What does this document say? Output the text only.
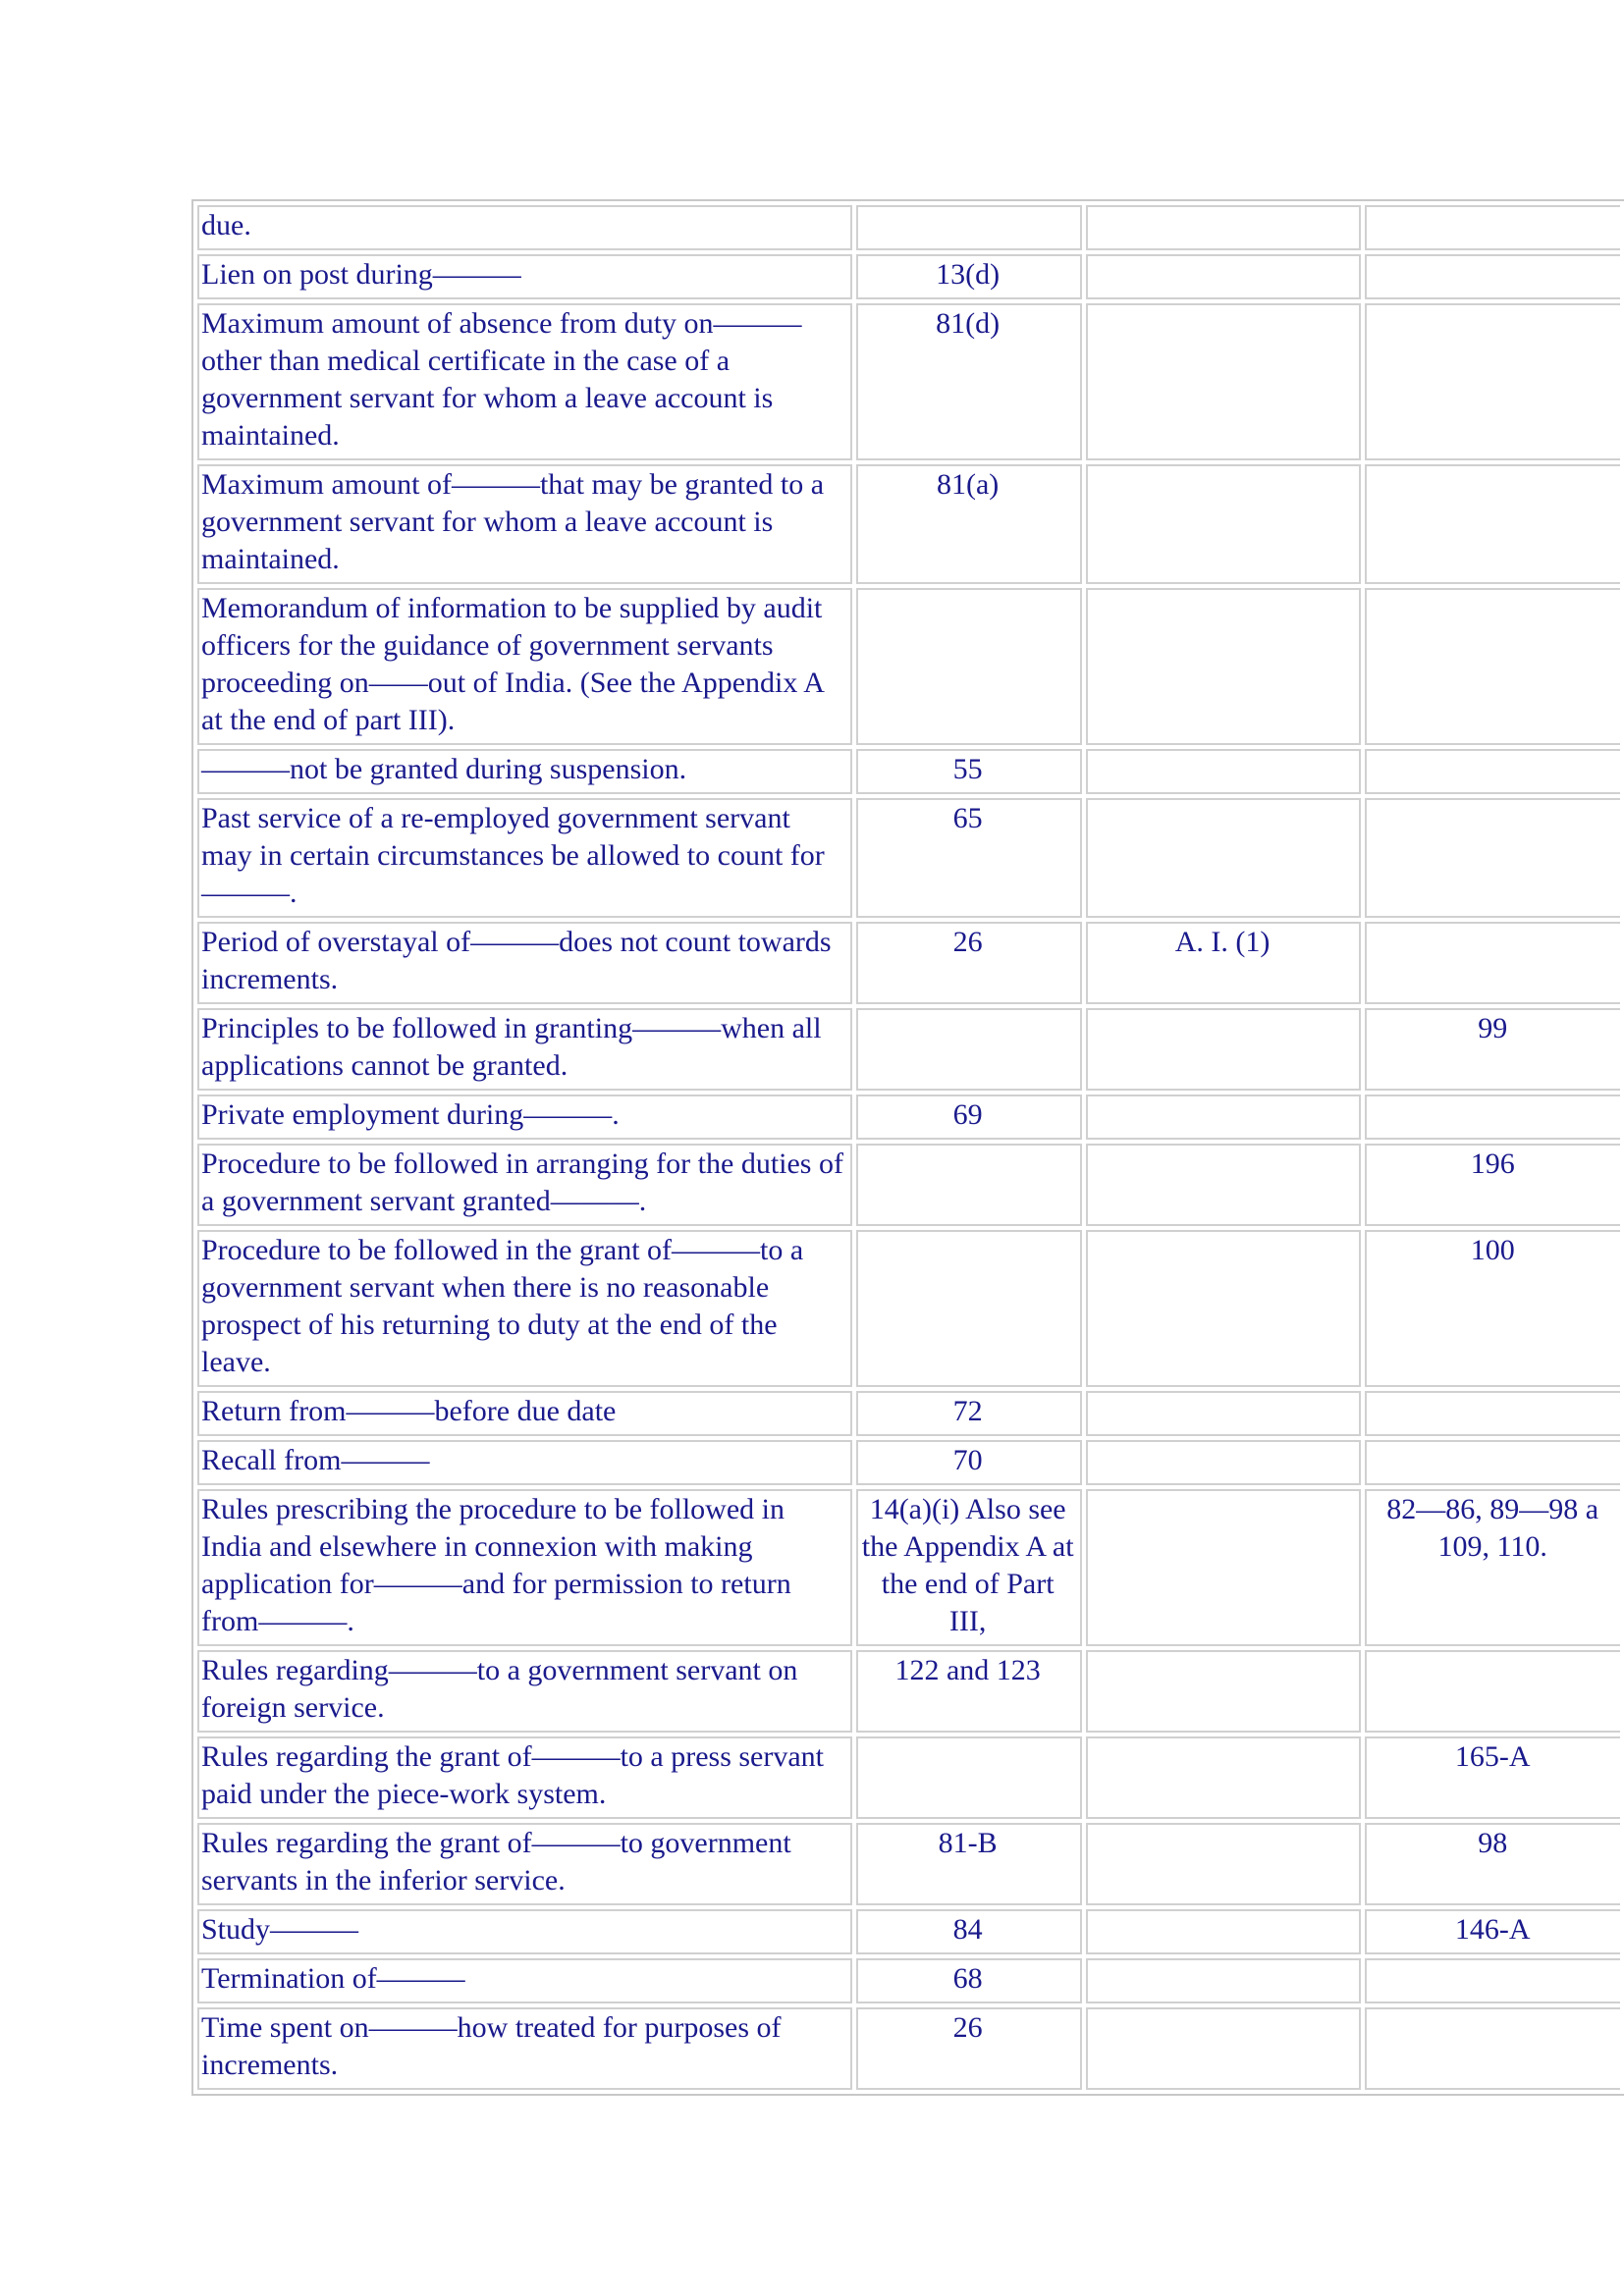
due.			
Lien on post during———	13(d)		
Maximum amount of absence from duty on———other than medical certificate in the case of a government servant for whom a leave account is maintained.	81(d)		
Maximum amount of———that may be granted to a government servant for whom a leave account is maintained.	81(a)		
Memorandum of information to be supplied by audit officers for the guidance of government servants proceeding on——out of India. (See the Appendix A at the end of part III).			
———not be granted during suspension.	55		
Past service of a re-employed government servant may in certain circumstances be allowed to count for———.	65		
Period of overstayal of———does not count towards increments.	26	A. I. (1)	
Principles to be followed in granting———when all applications cannot be granted.			99
Private employment during———.	69		
Procedure to be followed in arranging for the duties of a government servant granted———.			196
Procedure to be followed in the grant of———to a government servant when there is no reasonable prospect of his returning to duty at the end of the leave.			100
Return from———before due date	72		
Recall from———	70		
Rules prescribing the procedure to be followed in India and elsewhere in connexion with making application for———and for permission to return from———.	14(a)(i) Also see the Appendix A at the end of Part III,		82—86, 89—98 a 109, 110.
Rules regarding———to a government servant on foreign service.	122 and 123		
Rules regarding the grant of———to a press servant paid under the piece-work system.			165-A
Rules regarding the grant of———to government servants in the inferior service.	81-B		98
Study———	84		146-A
Termination of———	68		
Time spent on———how treated for purposes of increments.	26		
